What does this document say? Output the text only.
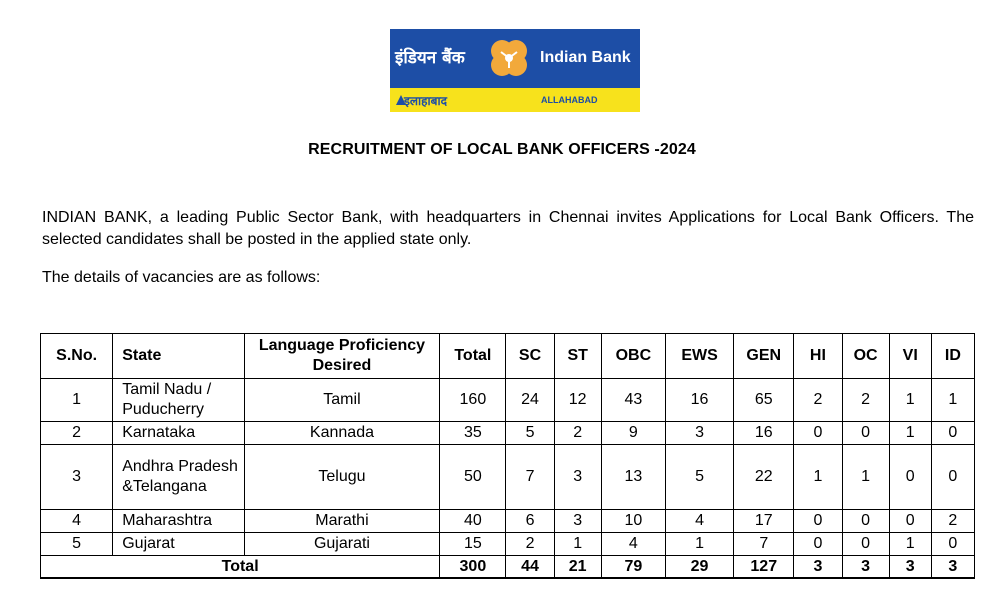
इंडियन बैंक	Indian Bank
इलाहाबाद	ALLAHABAD
RECRUITMENT OF LOCAL BANK OFFICERS -2024
INDIAN BANK, a leading Public Sector Bank, with headquarters in Chennai invites Applications for Local Bank Officers. The selected candidates shall be posted in the applied state only.
The details of vacancies are as follows:
S.No.	State	Language Proficiency Desired	Total	SC	ST	OBC	EWS	GEN	HI	OC	VI	ID
1	Tamil Nadu / Puducherry	Tamil	160	24	12	43	16	65	2	2	1	1
2	Karnataka	Kannada	35	5	2	9	3	16	0	0	1	0
3	Andhra Pradesh &Telangana	Telugu	50	7	3	13	5	22	1	1	0	0
4	Maharashtra	Marathi	40	6	3	10	4	17	0	0	0	2
5	Gujarat	Gujarati	15	2	1	4	1	7	0	0	1	0
Total			300	44	21	79	29	127	3	3	3	3
